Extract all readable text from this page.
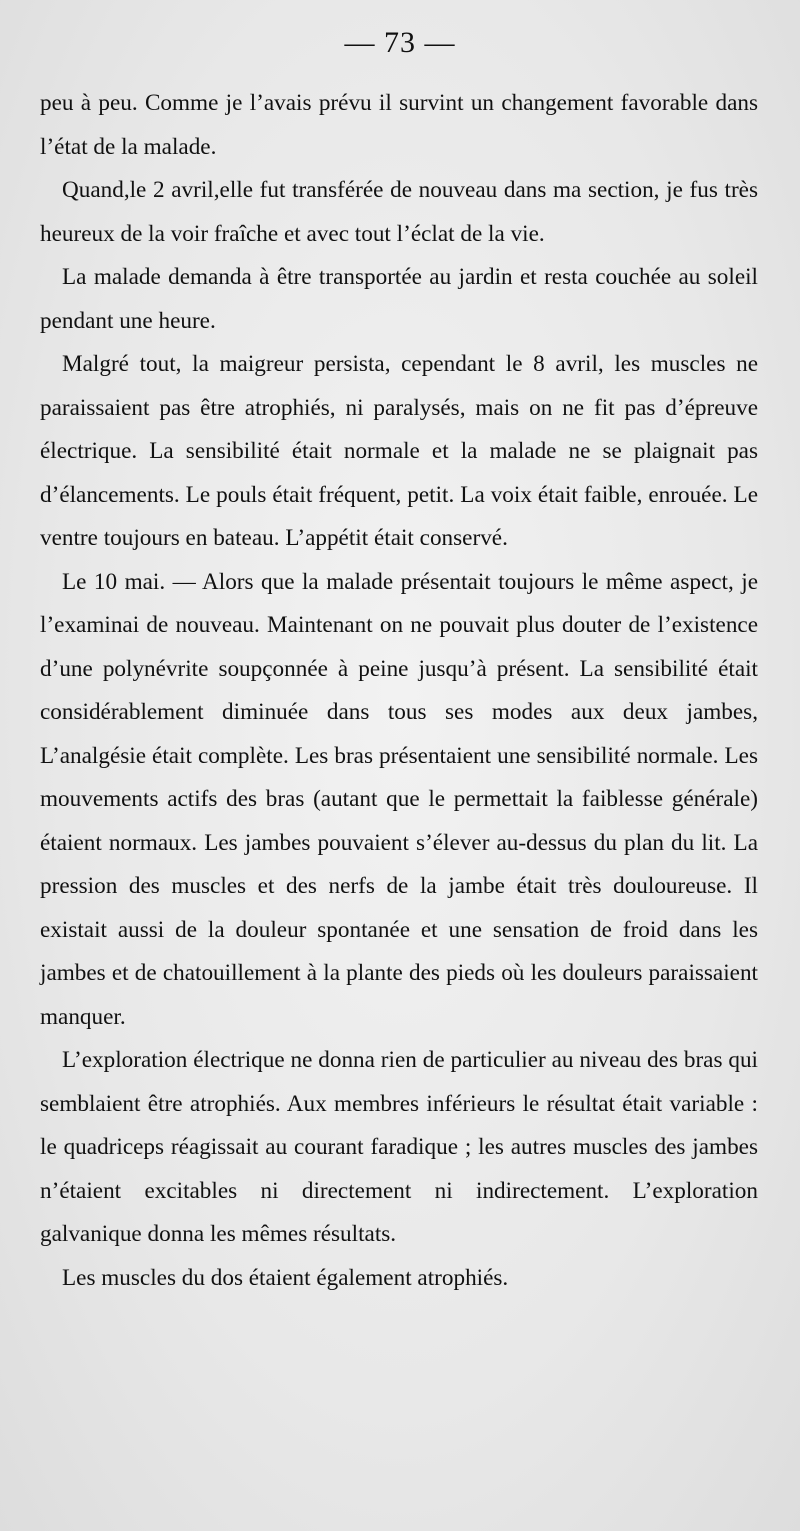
— 73 —

peu à peu. Comme je l’avais prévu il survint un changement favorable dans l’état de la malade.

Quand,le 2 avril,elle fut transférée de nouveau dans ma section, je fus très heureux de la voir fraîche et avec tout l’éclat de la vie.

La malade demanda à être transportée au jardin et resta couchée au soleil pendant une heure.

Malgré tout, la maigreur persista, cependant le 8 avril, les muscles ne paraissaient pas être atrophiés, ni paralysés, mais on ne fit pas d’épreuve électrique. La sensibilité était normale et la malade ne se plaignait pas d’élancements. Le pouls était fréquent, petit. La voix était faible, enrouée. Le ventre toujours en bateau. L’appétit était conservé.

Le 10 mai. — Alors que la malade présentait toujours le même aspect, je l’examinai de nouveau. Maintenant on ne pouvait plus douter de l’existence d’une polynévrite soupçonnée à peine jusqu’à présent. La sensibilité était considérablement diminuée dans tous ses modes aux deux jambes, L’analgésie était complète. Les bras présentaient une sensibilité normale. Les mouvements actifs des bras (autant que le permettait la faiblesse générale) étaient normaux. Les jambes pouvaient s’élever au-dessus du plan du lit. La pression des muscles et des nerfs de la jambe était très douloureuse. Il existait aussi de la douleur spontanée et une sensation de froid dans les jambes et de chatouillement à la plante des pieds où les douleurs paraissaient manquer.

L’exploration électrique ne donna rien de particulier au niveau des bras qui semblaient être atrophiés. Aux membres inférieurs le résultat était variable : le quadriceps réagissait au courant faradique ; les autres muscles des jambes n’étaient excitables ni directement ni indirectement. L’exploration galvanique donna les mêmes résultats.

Les muscles du dos étaient également atrophiés.
